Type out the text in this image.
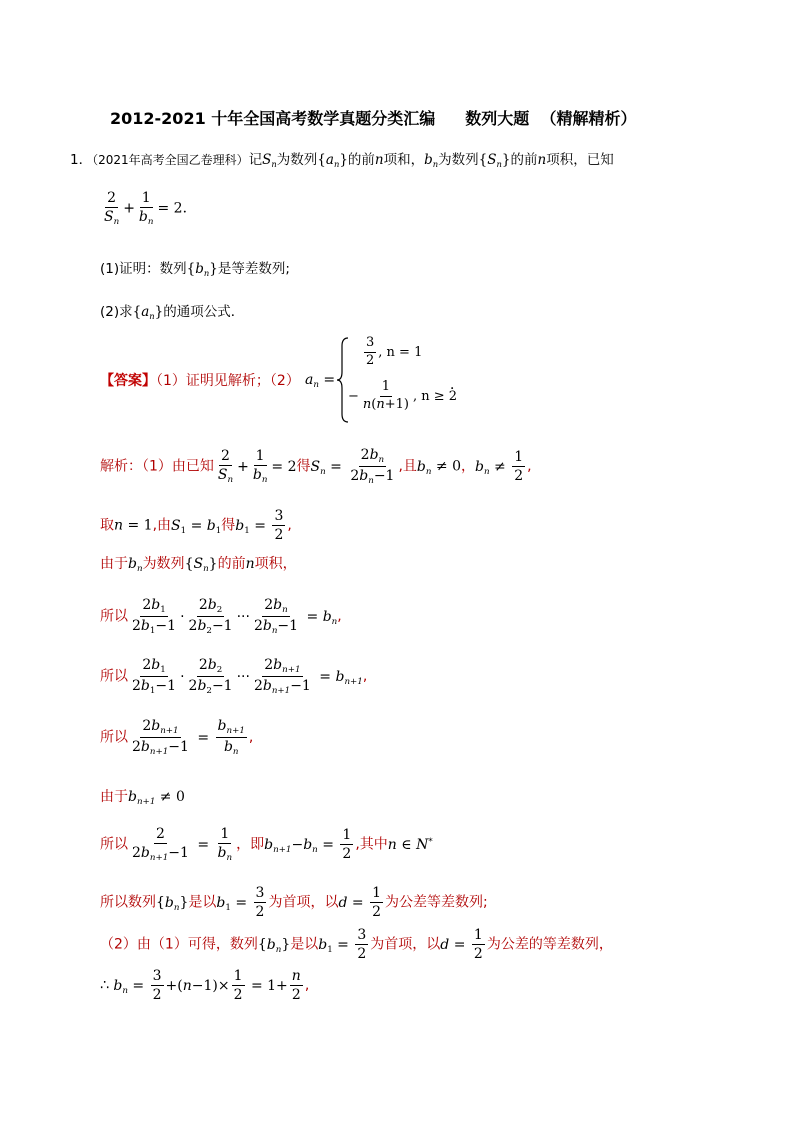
2012-2021 十年全国高考数学真题分类汇编 数列大题 （精解精析）
1．（2021年高考全国乙卷理科）记$S_n$为数列$\{a_n\}$的前n项和，$b_n$为数列$\{S_n\}$的前n项积，已知
$\frac{2}{S_n} + \frac{1}{b_n} = 2$．
(1)证明：数列$\{b_n\}$是等差数列;
(2)求$\{a_n\}$的通项公式．
【答案】（1）证明见解析；（2） $a_n$ =
$\frac{3}{2}$ , n = 1
− $\frac{1}{n(n+1)}$ , n ≥ 2
．
解析：（1）由已知 $\frac{2}{S_n} + \frac{1}{b_n} = 2$得$S_n = \frac{2b_n}{2b_n-1}$ ,且$b_n \ne 0$，$b_n \ne \frac{1}{2}$ ,
取n = 1,由$S_1 = b_1$得$b_1 = \frac{3}{2}$ ,
由于$b_n$为数列$\{S_n\}$的前n项积，
所以 $\frac{2b_1}{2b_1-1} \cdot \frac{2b_2}{2b_2-1}$ ··· $\frac{2b_n}{2b_n-1} = b_n$,
所以 $\frac{2b_1}{2b_1-1} \cdot \frac{2b_2}{2b_2-1}$ ··· $\frac{2b_{n+1}}{2b_{n+1}-1} = b_{n+1}$,
所以 $\frac{2b_{n+1}}{2b_{n+1}-1} = \frac{b_{n+1}}{b_n}$ ,
由于$b_{n+1} \ne 0$
所以 $\frac{2}{2b_{n+1}-1} = \frac{1}{b_n}$ ，即$b_{n+1}-b_n = \frac{1}{2}$ ,其中n ∈ N*
所以数列$\{b_n\}$是以$b_1 = \frac{3}{2}$ 为首项，以$d = \frac{1}{2}$ 为公差等差数列;
（2）由（1）可得，数列$\{b_n\}$是以$b_1 = \frac{3}{2}$ 为首项，以$d = \frac{1}{2}$ 为公差的等差数列，
∴ $b_n = \frac{3}{2} +(n-1)\times \frac{1}{2} = 1+ \frac{n}{2}$ ,
